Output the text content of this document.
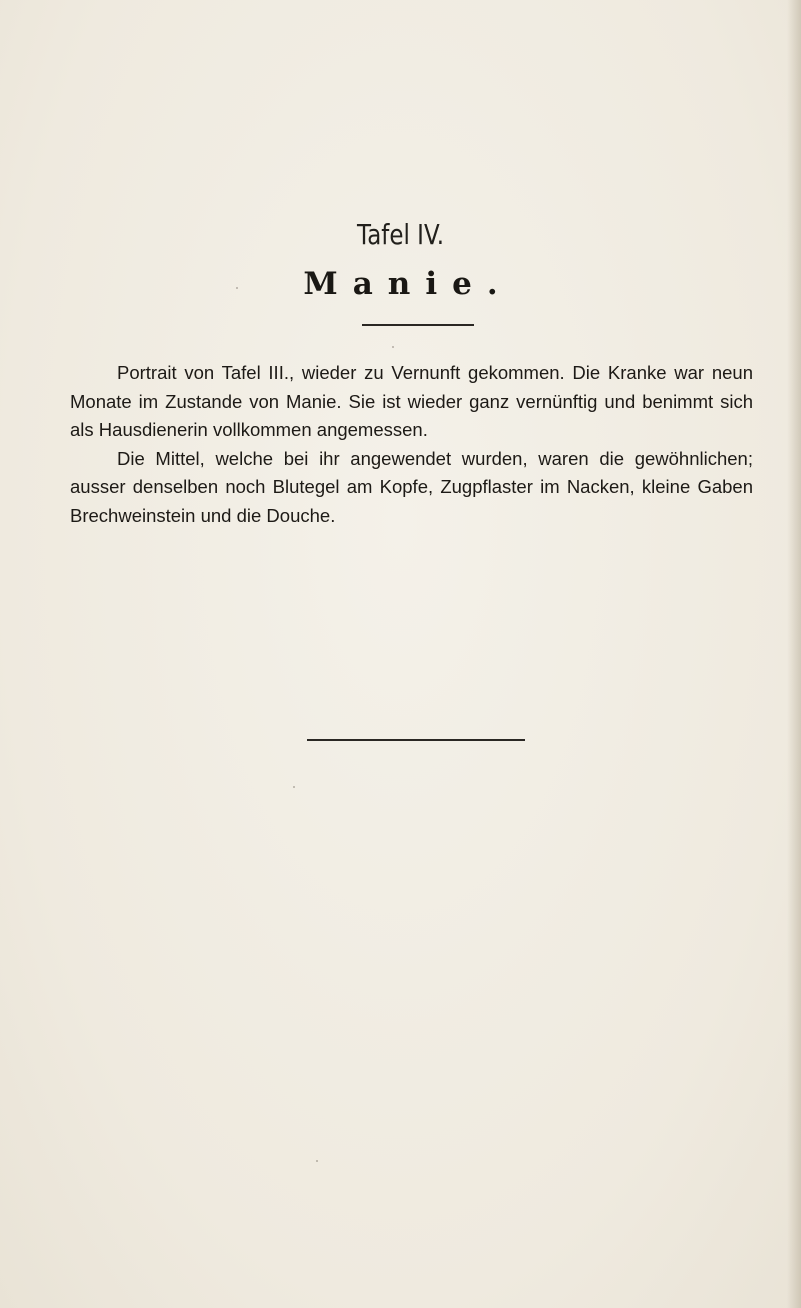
Tafel IV.
Manie.

Portrait von Tafel III., wieder zu Vernunft gekommen. Die Kranke war neun Monate im Zustande von Manie. Sie ist wieder ganz vernünftig und benimmt sich als Hausdienerin vollkommen angemessen.

Die Mittel, welche bei ihr angewendet wurden, waren die gewöhnlichen; ausser denselben noch Blutegel am Kopfe, Zugpflaster im Nacken, kleine Gaben Brechweinstein und die Douche.
